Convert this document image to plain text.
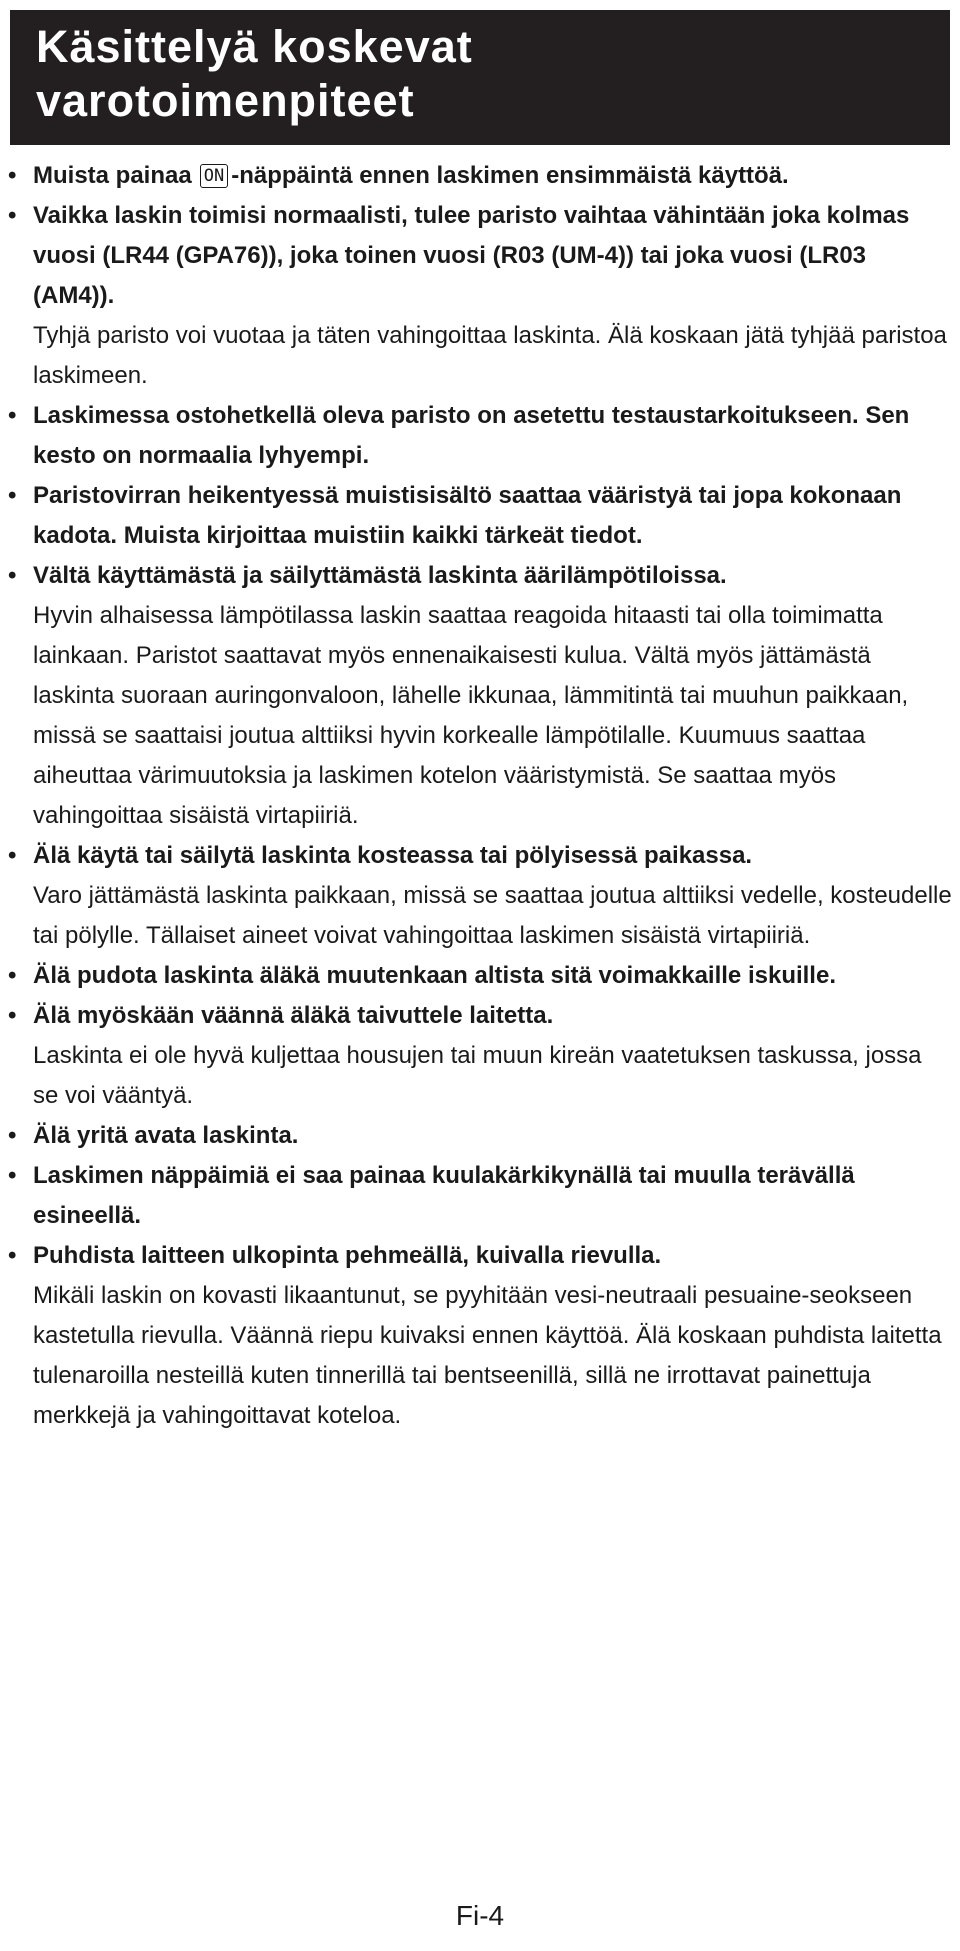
Käsittelyä koskevat
varotoimenpiteet
• Muista painaa ON -näppäintä ennen laskimen ensimmäistä käyttöä.
• Vaikka laskin toimisi normaalisti, tulee paristo vaihtaa vähintään joka kolmas vuosi (LR44 (GPA76)), joka toinen vuosi (R03 (UM-4)) tai joka vuosi (LR03 (AM4)).
Tyhjä paristo voi vuotaa ja täten vahingoittaa laskinta. Älä koskaan jätä tyhjää paristoa laskimeen.
• Laskimessa ostohetkellä oleva paristo on asetettu testaustarkoitukseen. Sen kesto on normaalia lyhyempi.
• Paristovirran heikentyessä muistisisältö saattaa vääristyä tai jopa kokonaan kadota. Muista kirjoittaa muistiin kaikki tärkeät tiedot.
• Vältä käyttämästä ja säilyttämästä laskinta äärilämpötiloissa.
Hyvin alhaisessa lämpötilassa laskin saattaa reagoida hitaasti tai olla toimimatta lainkaan. Paristot saattavat myös ennenaikaisesti kulua. Vältä myös jättämästä laskinta suoraan auringonvaloon, lähelle ikkunaa, lämmitintä tai muuhun paikkaan, missä se saattaisi joutua alttiiksi hyvin korkealle lämpötilalle. Kuumuus saattaa aiheuttaa värimuutoksia ja laskimen kotelon vääristymistä. Se saattaa myös vahingoittaa sisäistä virtapiiriä.
• Älä käytä tai säilytä laskinta kosteassa tai pölyisessä paikassa.
Varo jättämästä laskinta paikkaan, missä se saattaa joutua alttiiksi vedelle, kosteudelle tai pölylle. Tällaiset aineet voivat vahingoittaa laskimen sisäistä virtapiiriä.
• Älä pudota laskinta äläkä muutenkaan altista sitä voimakkaille iskuille.
• Älä myöskään väännä äläkä taivuttele laitetta.
Laskinta ei ole hyvä kuljettaa housujen tai muun kireän vaatetuksen taskussa, jossa se voi vääntyä.
• Älä yritä avata laskinta.
• Laskimen näppäimiä ei saa painaa kuulakärkikynällä tai muulla terävällä esineellä.
• Puhdista laitteen ulkopinta pehmeällä, kuivalla rievulla.
Mikäli laskin on kovasti likaantunut, se pyyhitään vesi-neutraali pesuaine-seokseen kastetulla rievulla. Väännä riepu kuivaksi ennen käyttöä. Älä koskaan puhdista laitetta tulenaroilla nesteillä kuten tinnerillä tai bentseenillä, sillä ne irrottavat painettuja merkkejä ja vahingoittavat koteloa.
Fi-4
